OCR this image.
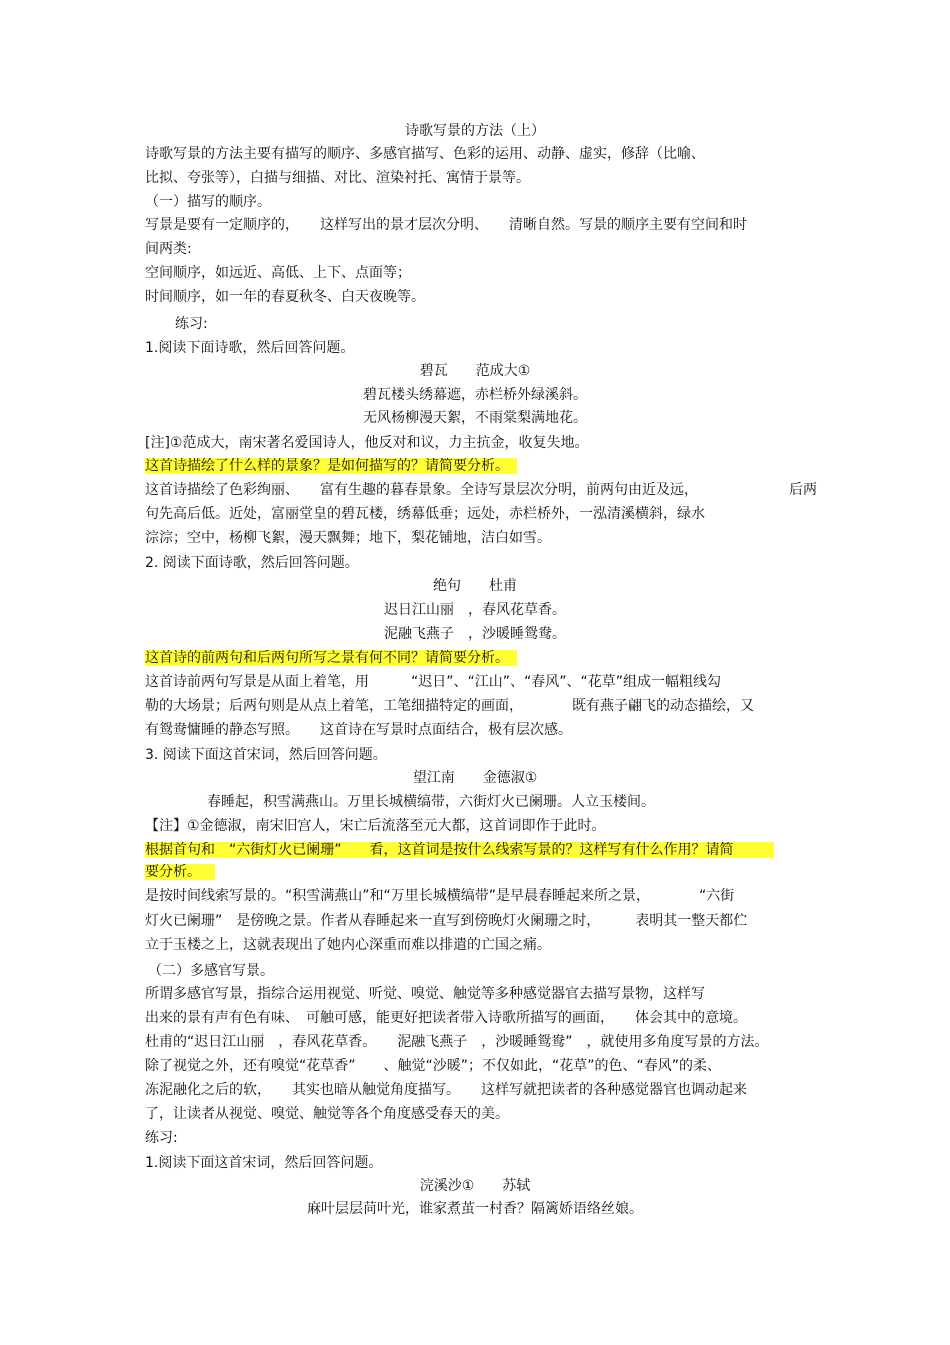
诗歌写景的方法（上）
诗歌写景的方法主要有描写的顺序、多感官描写、色彩的运用、动静、虚实，修辞（比喻、
比拟、夸张等），白描与细描、对比、渲染衬托、寓情于景等。
（一）描写的顺序。
写景是要有一定顺序的，　　这样写出的景才层次分明、　　清晰自然。写景的顺序主要有空间和时
间两类:
空间顺序，如远近、高低、上下、点面等；
时间顺序，如一年的春夏秋冬、白天夜晚等。
练习:
1.阅读下面诗歌，然后回答问题。
碧瓦　　范成大①
碧瓦楼头绣幕遮，赤栏桥外绿溪斜。
无风杨柳漫天絮，不雨棠梨满地花。
[注]①范成大，南宋著名爱国诗人，他反对和议，力主抗金，收复失地。
这首诗描绘了什么样的景象？是如何描写的？请简要分析。
这首诗描绘了色彩绚丽、　　富有生趣的暮春景象。全诗写景层次分明，前两句由近及远，　　　　　　　后两
句先高后低。近处，富丽堂皇的碧瓦楼，绣幕低垂；远处，赤栏桥外，一泓清溪横斜，绿水
淙淙；空中，杨柳飞絮，漫天飘舞；地下，梨花铺地，洁白如雪。
2. 阅读下面诗歌，然后回答问题。
绝句　　杜甫
迟日江山丽　，春风花草香。
泥融飞燕子　，沙暖睡鸳鸯。
这首诗的前两句和后两句所写之景有何不同？请简要分析。
这首诗前两句写景是从面上着笔，用　　　“迟日”、“江山”、“春风”、“花草”组成一幅粗线勾
勒的大场景；后两句则是从点上着笔，工笔细描特定的画面，　　　　既有燕子翩飞的动态描绘，又
有鸳鸯慵睡的静态写照。　　这首诗在写景时点面结合，极有层次感。
3. 阅读下面这首宋词，然后回答问题。
望江南　　金德淑①
春睡起，积雪满燕山。万里长城横缟带，六街灯火已阑珊。人立玉楼间。
【注】①金德淑，南宋旧宫人，宋亡后流落至元大都，这首词即作于此时。
根据首句和　“六街灯火已阑珊”　　看，这首词是按什么线索写景的？这样写有什么作用？请简
要分析。
是按时间线索写景的。“积雪满燕山”和“万里长城横缟带”是早晨春睡起来所之景，　　　　“六街
灯火已阑珊”　是傍晚之景。作者从春睡起来一直写到傍晚灯火阑珊之时，　　　表明其一整天都伫
立于玉楼之上，这就表现出了她内心深重而难以排遣的亡国之痛。
（二）多感官写景。
所谓多感官写景，指综合运用视觉、听觉、嗅觉、触觉等多种感觉器官去描写景物，这样写
出来的景有声有色有味、　可触可感，能更好把读者带入诗歌所描写的画面，　　体会其中的意境。
杜甫的“迟日江山丽　，春风花草香。　　泥融飞燕子　，沙暖睡鸳鸯”　，就使用多角度写景的方法。
除了视觉之外，还有嗅觉“花草香”　　、触觉“沙暖”；不仅如此，“花草”的色、“春风”的柔、
冻泥融化之后的软，　　其实也暗从触觉角度描写。　　这样写就把读者的各种感觉器官也调动起来
了，让读者从视觉、嗅觉、触觉等各个角度感受春天的美。
练习:
1.阅读下面这首宋词，然后回答问题。
浣溪沙①　　苏轼
麻叶层层苘叶光，谁家煮茧一村香？隔篱娇语络丝娘。
